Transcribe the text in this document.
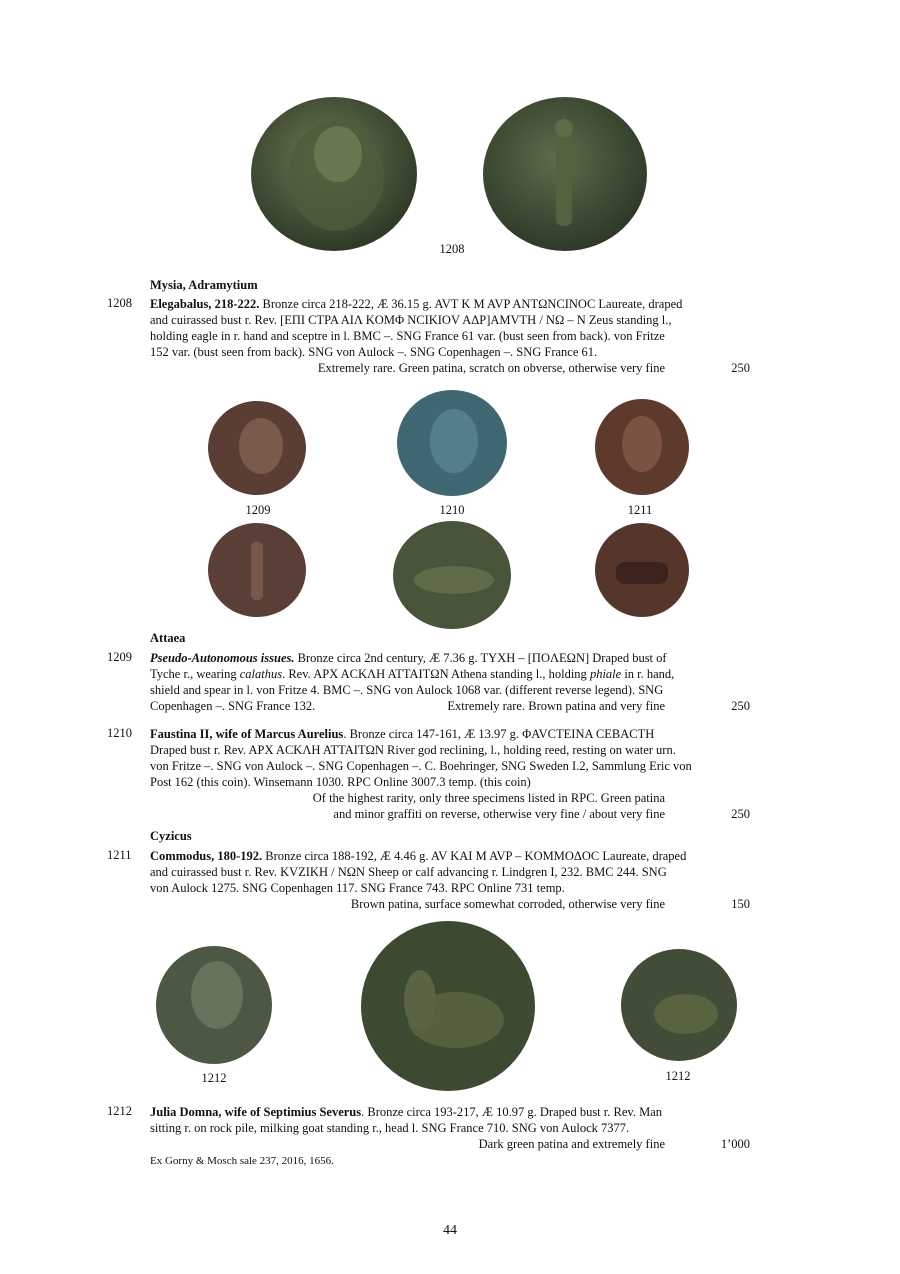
1208
1209	1210	1211
1212	1212
Mysia, Adramytium
1208	Elegabalus, 218-222. Bronze circa 218-222, Æ 36.15 g. AVT K M AVP ANTΩNCINOC Laureate, draped
and cuirassed bust r. Rev. [EΠI CTPA AIΛ KOMΦ NCIKIOV AΔP]AMVTH / NΩ – N Zeus standing l.,
holding eagle in r. hand and sceptre in l. BMC –. SNG France 61 var. (bust seen from back). von Fritze
152 var. (bust seen from back). SNG von Aulock –. SNG Copenhagen –. SNG France 61.
Extremely rare. Green patina, scratch on obverse, otherwise very fine	250
Attaea
1209	Pseudo-Autonomous issues. Bronze circa 2nd century, Æ 7.36 g. TYXH – [ΠOΛEΩN] Draped bust of
Tyche r., wearing calathus. Rev. APX ACKΛH ATTAITΩN Athena standing l., holding phiale in r. hand,
shield and spear in l. von Fritze 4. BMC –. SNG von Aulock 1068 var. (different reverse legend). SNG
Copenhagen –. SNG France 132.	Extremely rare. Brown patina and very fine	250
1210	Faustina II, wife of Marcus Aurelius. Bronze circa 147-161, Æ 13.97 g. ΦAVCTEINA CEBACTH
Draped bust r. Rev. APX ACKΛH ATTAITΩN River god reclining, l., holding reed, resting on water urn.
von Fritze –. SNG von Aulock –. SNG Copenhagen –. C. Boehringer, SNG Sweden I.2, Sammlung Eric von
Post 162 (this coin). Winsemann 1030. RPC Online 3007.3 temp. (this coin)
Of the highest rarity, only three specimens listed in RPC. Green patina
and minor graffiti on reverse, otherwise very fine / about very fine	250
Cyzicus
1211	Commodus, 180-192. Bronze circa 188-192, Æ 4.46 g. AV KAI M AVP – KOMMOΔOC Laureate, draped
and cuirassed bust r. Rev. KVZIKH / NΩN Sheep or calf advancing r. Lindgren I, 232. BMC 244. SNG
von Aulock 1275. SNG Copenhagen 117. SNG France 743. RPC Online 731 temp.
Brown patina, surface somewhat corroded, otherwise very fine	150
1212	Julia Domna, wife of Septimius Severus. Bronze circa 193-217, Æ 10.97 g. Draped bust r. Rev. Man
sitting r. on rock pile, milking goat standing r., head l. SNG France 710. SNG von Aulock 7377.
Dark green patina and extremely fine	1’000
Ex Gorny & Mosch sale 237, 2016, 1656.
44
